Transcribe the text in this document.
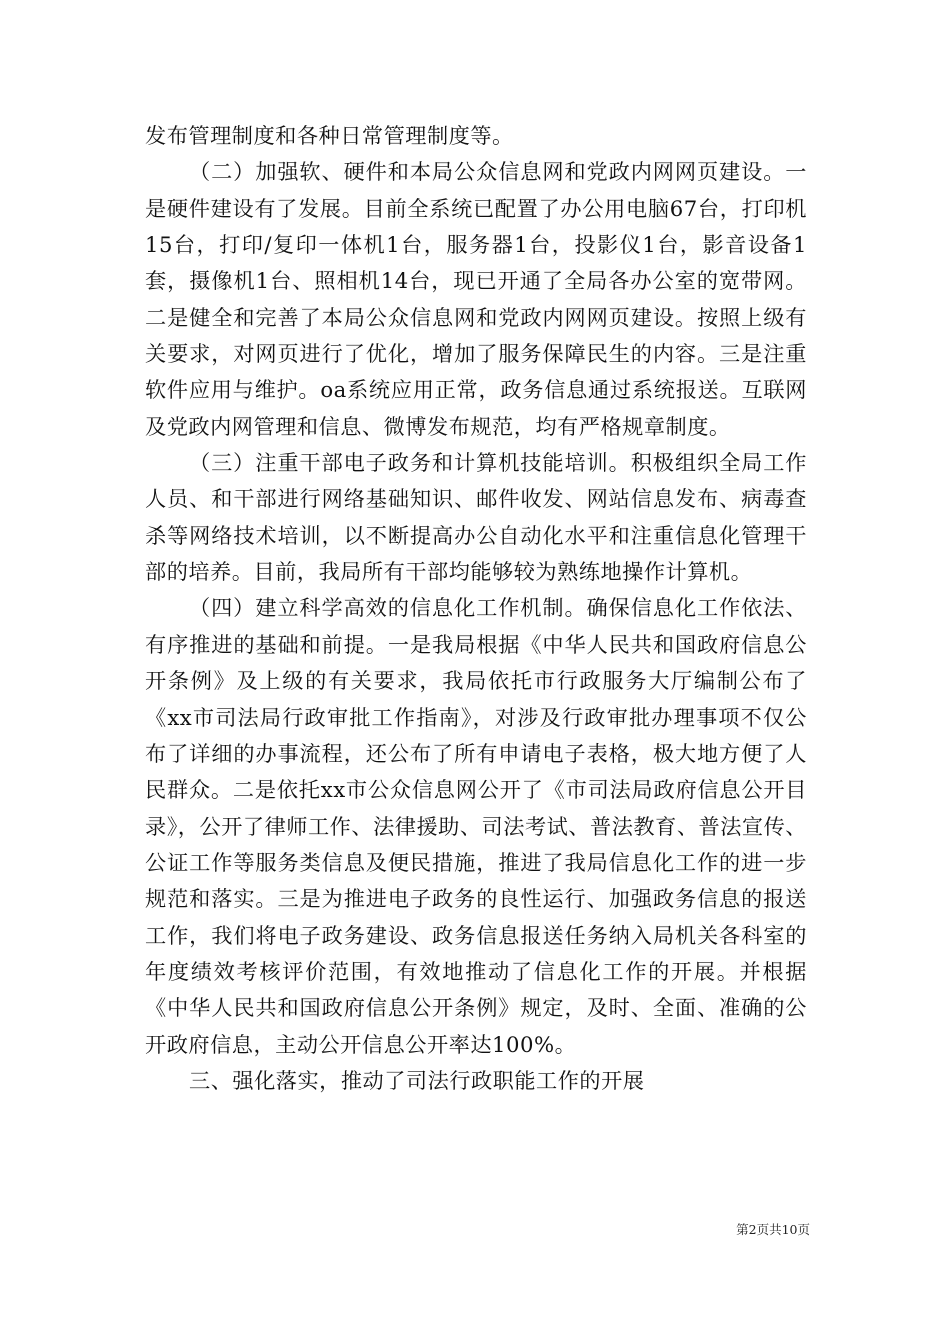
发布管理制度和各种日常管理制度等。

（二）加强软、硬件和本局公众信息网和党政内网网页建设。一是硬件建设有了发展。目前全系统已配置了办公用电脑67台，打印机15台，打印/复印一体机1台，服务器1台，投影仪1台，影音设备1套，摄像机1台、照相机14台，现已开通了全局各办公室的宽带网。二是健全和完善了本局公众信息网和党政内网网页建设。按照上级有关要求，对网页进行了优化，增加了服务保障民生的内容。三是注重软件应用与维护。oa系统应用正常，政务信息通过系统报送。互联网及党政内网管理和信息、微博发布规范，均有严格规章制度。

（三）注重干部电子政务和计算机技能培训。积极组织全局工作人员、和干部进行网络基础知识、邮件收发、网站信息发布、病毒查杀等网络技术培训，以不断提高办公自动化水平和注重信息化管理干部的培养。目前，我局所有干部均能够较为熟练地操作计算机。

（四）建立科学高效的信息化工作机制。确保信息化工作依法、有序推进的基础和前提。一是我局根据《中华人民共和国政府信息公开条例》及上级的有关要求，我局依托市行政服务大厅编制公布了《xx市司法局行政审批工作指南》，对涉及行政审批办理事项不仅公布了详细的办事流程，还公布了所有申请电子表格，极大地方便了人民群众。二是依托xx市公众信息网公开了《市司法局政府信息公开目录》，公开了律师工作、法律援助、司法考试、普法教育、普法宣传、公证工作等服务类信息及便民措施，推进了我局信息化工作的进一步规范和落实。三是为推进电子政务的良性运行、加强政务信息的报送工作，我们将电子政务建设、政务信息报送任务纳入局机关各科室的年度绩效考核评价范围，有效地推动了信息化工作的开展。并根据《中华人民共和国政府信息公开条例》规定，及时、全面、准确的公开政府信息，主动公开信息公开率达100%。

三、强化落实，推动了司法行政职能工作的开展

第2页共10页
